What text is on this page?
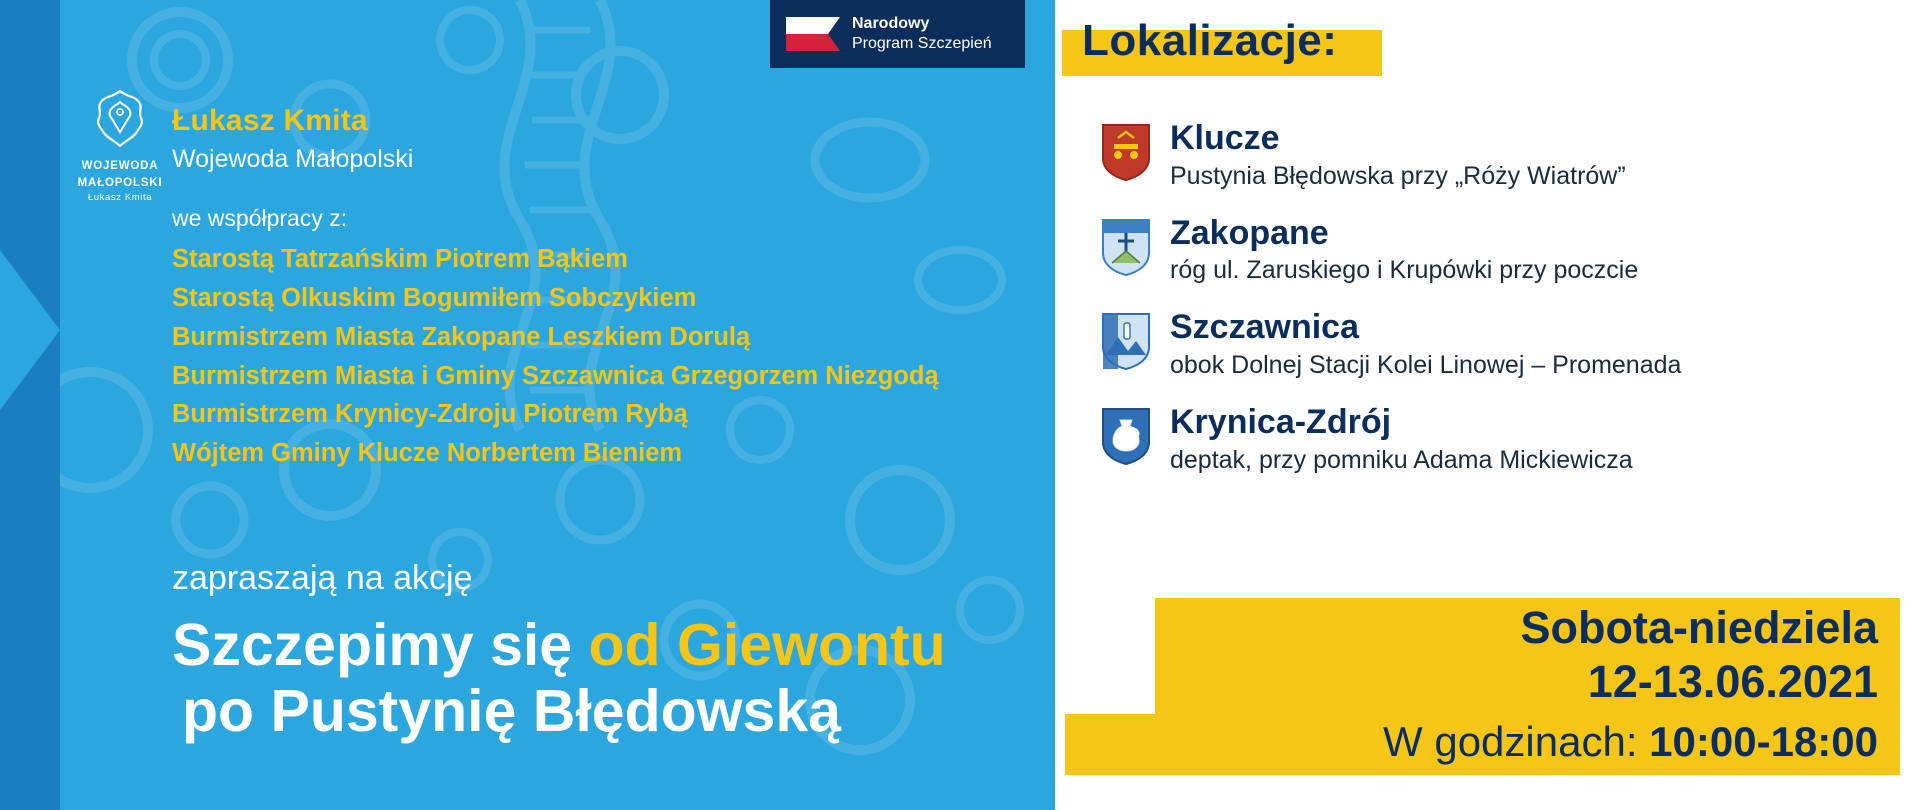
Narodowy
Program Szczepień
WOJEWODA
MAŁOPOLSKI
Łukasz Kmita
Łukasz Kmita
Wojewoda Małopolski
we współpracy z:
Starostą Tatrzańskim Piotrem Bąkiem
Starostą Olkuskim Bogumiłem Sobczykiem
Burmistrzem Miasta Zakopane Leszkiem Dorulą
Burmistrzem Miasta i Gminy Szczawnica Grzegorzem Niezgodą
Burmistrzem Krynicy-Zdroju Piotrem Rybą
Wójtem Gminy Klucze Norbertem Bieniem
zapraszają na akcję
Szczepimy się od Giewontu
po Pustynię Błędowską
Lokalizacje:
Klucze
Pustynia Błędowska przy „Róży Wiatrów”
Zakopane
róg ul. Zaruskiego i Krupówki przy poczcie
Szczawnica
obok Dolnej Stacji Kolei Linowej – Promenada
Krynica-Zdrój
deptak, przy pomniku Adama Mickiewicza
Sobota-niedziela
12-13.06.2021
W godzinach: 10:00-18:00
